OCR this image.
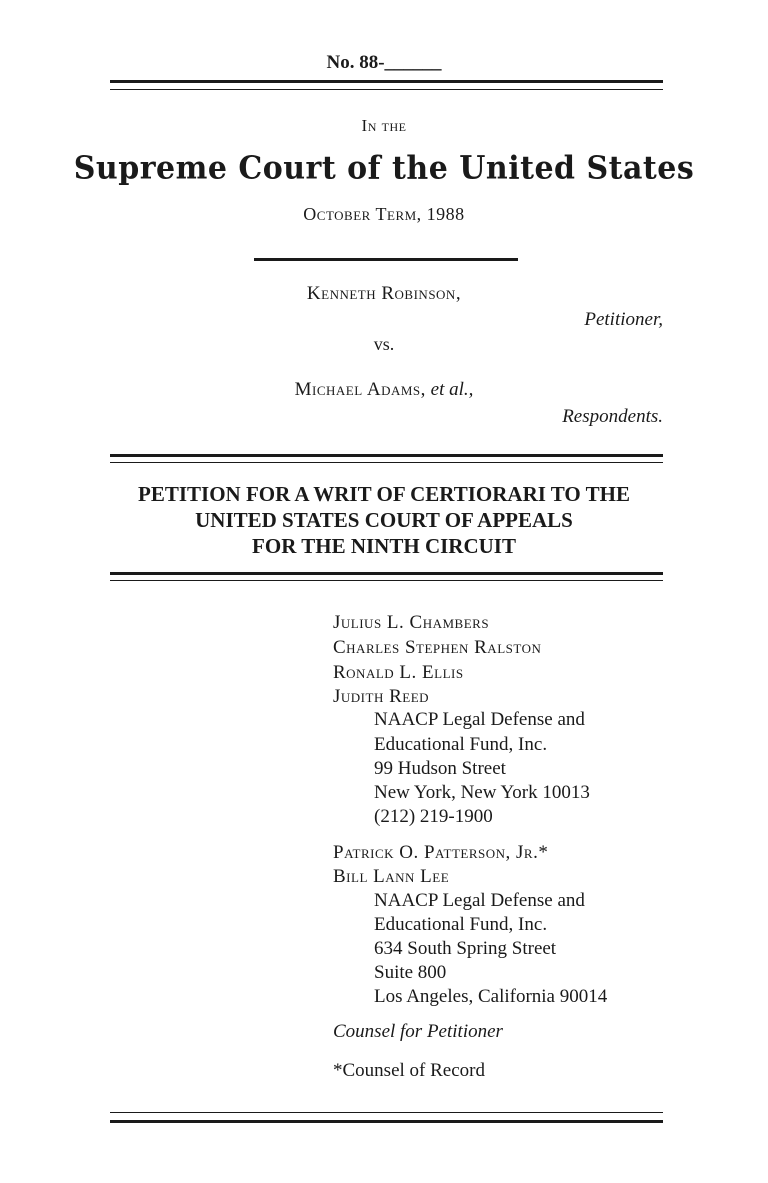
No. 88-______
In the
Supreme Court of the United States
October Term, 1988
Kenneth Robinson,
Petitioner,
vs.
Michael Adams, et al.,
Respondents.
PETITION FOR A WRIT OF CERTIORARI TO THE
UNITED STATES COURT OF APPEALS
FOR THE NINTH CIRCUIT
Julius L. Chambers
Charles Stephen Ralston
Ronald L. Ellis
Judith Reed
NAACP Legal Defense and
Educational Fund, Inc.
99 Hudson Street
New York, New York 10013
(212) 219-1900
Patrick O. Patterson, Jr.*
Bill Lann Lee
NAACP Legal Defense and
Educational Fund, Inc.
634 South Spring Street
Suite 800
Los Angeles, California 90014
Counsel for Petitioner
*Counsel of Record
